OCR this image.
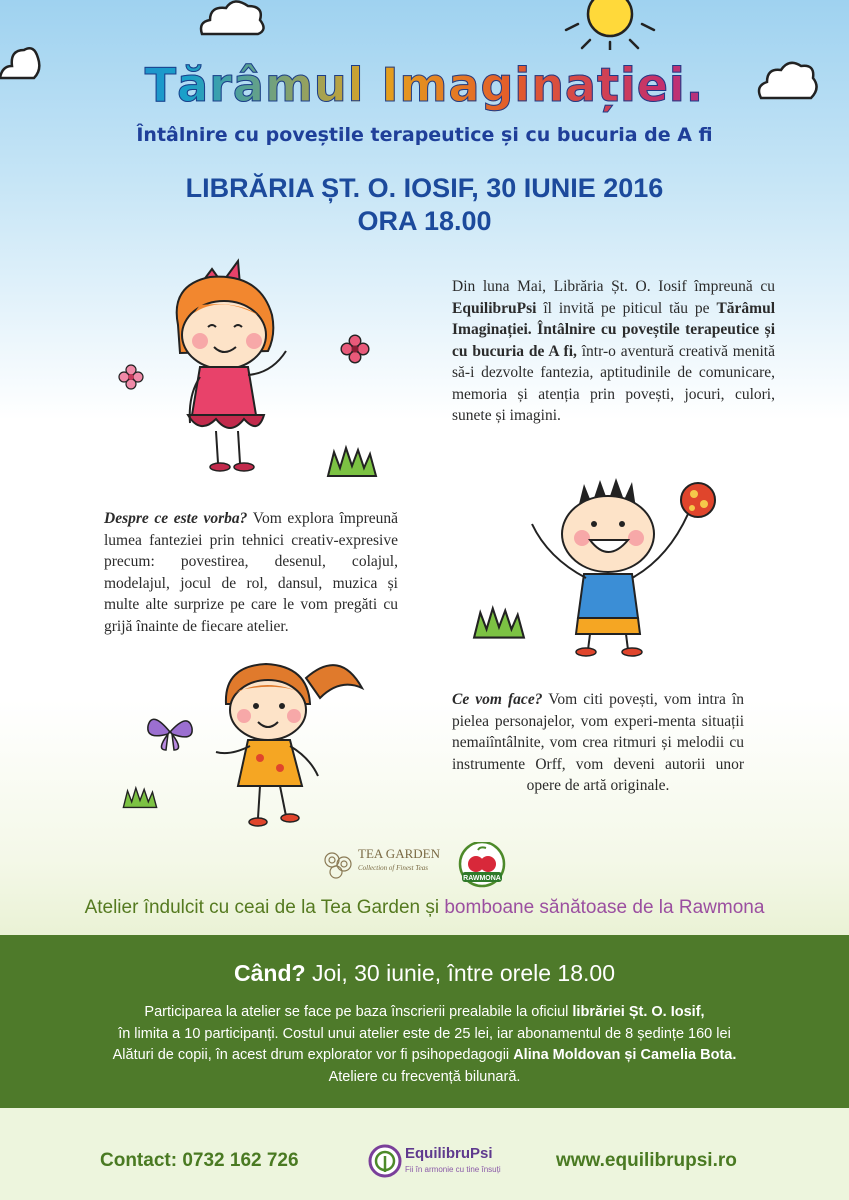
Tărâmul Imaginației.
Întâlnire cu poveștile terapeutice și cu bucuria de A fi
LIBRĂRIA ȘT. O. IOSIF, 30 IUNIE 2016
ORA 18.00
Din luna Mai, Librăria Șt. O. Iosif împreună cu EquilibruPsi îl invită pe piticul tău pe Tărâmul Imaginației. Întâlnire cu poveștile terapeutice și cu bucuria de A fi, într-o aventură creativă menită să-i dezvolte fantezia, aptitudinile de comunicare, memoria și atenția prin povești, jocuri, culori, sunete și imagini.
Despre ce este vorba? Vom explora împreună lumea fanteziei prin tehnici creativ-expresive precum: povestirea, desenul, colajul, modelajul, jocul de rol, dansul, muzica și multe alte surprize pe care le vom pregăti cu grijă înainte de fiecare atelier.
Ce vom face? Vom citi povești, vom intra în pielea personajelor, vom experi-menta situații nemaiîntâlnite, vom crea ritmuri și melodii cu instrumente Orff, vom deveni autorii unor opere de artă originale.
TEA GARDEN
Collection of Finest Teas
RAWMONA
Atelier îndulcit cu ceai de la Tea Garden și bomboane sănătoase de la Rawmona
Când? Joi, 30 iunie, între orele 18.00
Participarea la atelier se face pe baza înscrierii prealabile la oficiul librăriei Șt. O. Iosif,
în limita a 10 participanți. Costul unui atelier este de 25 lei, iar abonamentul de 8 ședințe 160 lei
Alături de copii, în acest drum explorator vor fi psihopedagogii Alina Moldovan și Camelia Bota.
Ateliere cu frecvență bilunară.
Contact: 0732 162 726	EquilibruPsi
Fii în armonie cu tine însuți	www.equilibrupsi.ro
